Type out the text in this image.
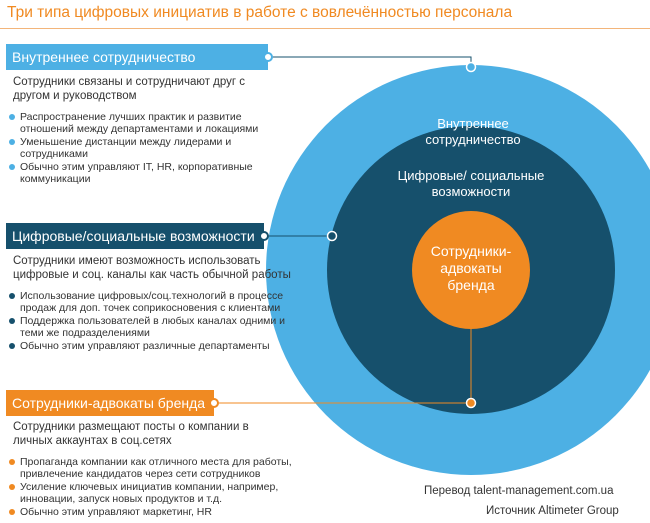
Три типа цифровых инициатив в работе с вовлечённостью персонала
Внутреннее сотрудничество
Цифровые/ социальные возможности
Сотрудники- адвокаты бренда
Внутреннее сотрудничество
Сотрудники связаны и сотрудничают друг с другом и руководством
Распространение лучших практик и развитие отношений между департаментами и локациями
Уменьшение дистанции между лидерами и сотрудниками
Обычно этим управляют IT, HR, корпоративные коммуникации
Цифровые/социальные возможности
Сотрудники имеют возможность использовать цифровые и соц. каналы как часть обычной работы
Использование цифровых/соц.технологий в процессе продаж для доп. точек соприкосновения с клиентами
Поддержка пользователей в любых каналах одними и теми же подразделениями
Обычно этим управляют различные департаменты
Сотрудники-адвокаты бренда
Сотрудники размещают посты о компании в личных аккаунтах в соц.сетях
Пропаганда компании как отличного места для работы, привлечение кандидатов через сети сотрудников
Усиление ключевых инициатив компании, например, инновации, запуск новых продуктов и т.д.
Обычно этим управляют маркетинг, HR
Перевод talent-management.com.ua
Источник Altimeter Group
